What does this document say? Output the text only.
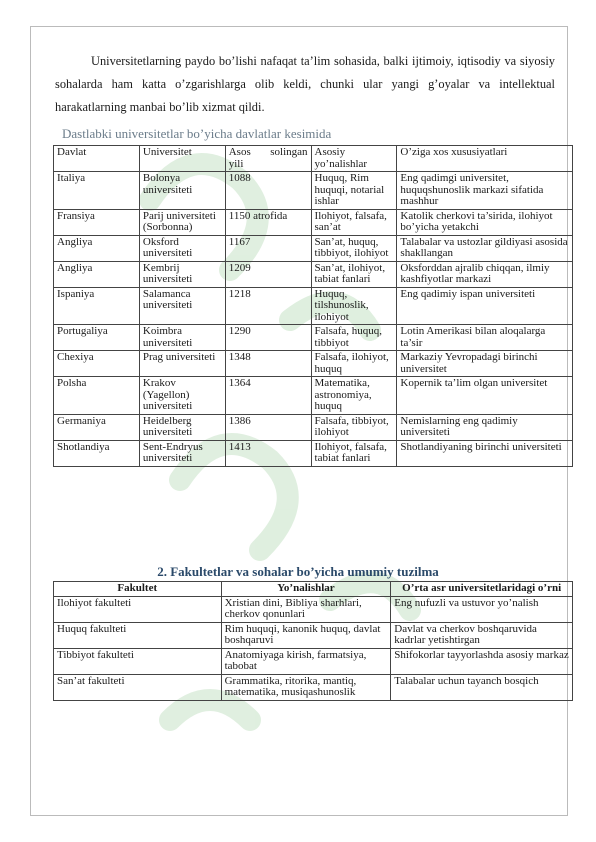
Universitetlarning paydo bo’lishi nafaqat ta’lim sohasida, balki ijtimoiy, iqtisodiy va siyosiy sohalarda ham katta o’zgarishlarga olib keldi, chunki ular yangi g’oyalar va intellektual harakatlarning manbai bo’lib xizmat qildi.

Dastlabki universitetlar bo’yicha davlatlar kesimida

Davlat	Universitet	Asos solingan yili	Asosiy yo’nalishlar	O’ziga xos xususiyatlari
Italiya	Bolonya universiteti	1088	Huquq, Rim huquqi, notarial ishlar	Eng qadimgi universitet, huquqshunoslik markazi sifatida mashhur
Fransiya	Parij universiteti (Sorbonna)	1150 atrofida	Ilohiyot, falsafa, san’at	Katolik cherkovi ta’sirida, ilohiyot bo’yicha yetakchi
Angliya	Oksford universiteti	1167	San’at, huquq, tibbiyot, ilohiyot	Talabalar va ustozlar gildiyasi asosida shakllangan
Angliya	Kembrij universiteti	1209	San’at, ilohiyot, tabiat fanlari	Oksforddan ajralib chiqqan, ilmiy kashfiyotlar markazi
Ispaniya	Salamanca universiteti	1218	Huquq, tilshunoslik, ilohiyot	Eng qadimiy ispan universiteti
Portugaliya	Koimbra universiteti	1290	Falsafa, huquq, tibbiyot	Lotin Amerikasi bilan aloqalarga ta’sir
Chexiya	Prag universiteti	1348	Falsafa, ilohiyot, huquq	Markaziy Yevropadagi birinchi universitet
Polsha	Krakov (Yagellon) universiteti	1364	Matematika, astronomiya, huquq	Kopernik ta’lim olgan universitet
Germaniya	Heidelberg universiteti	1386	Falsafa, tibbiyot, ilohiyot	Nemislarning eng qadimiy universiteti
Shotlandiya	Sent-Endryus universiteti	1413	Ilohiyot, falsafa, tabiat fanlari	Shotlandiyaning birinchi universiteti

2. Fakultetlar va sohalar bo’yicha umumiy tuzilma

Fakultet	Yo’nalishlar	O’rta asr universitetlaridagi o’rni
Ilohiyot fakulteti	Xristian dini, Bibliya sharhlari, cherkov qonunlari	Eng nufuzli va ustuvor yo’nalish
Huquq fakulteti	Rim huquqi, kanonik huquq, davlat boshqaruvi	Davlat va cherkov boshqaruvida kadrlar yetishtirgan
Tibbiyot fakulteti	Anatomiyaga kirish, farmatsiya, tabobat	Shifokorlar tayyorlashda asosiy markaz
San’at fakulteti	Grammatika, ritorika, mantiq, matematika, musiqashunoslik	Talabalar uchun tayanch bosqich
